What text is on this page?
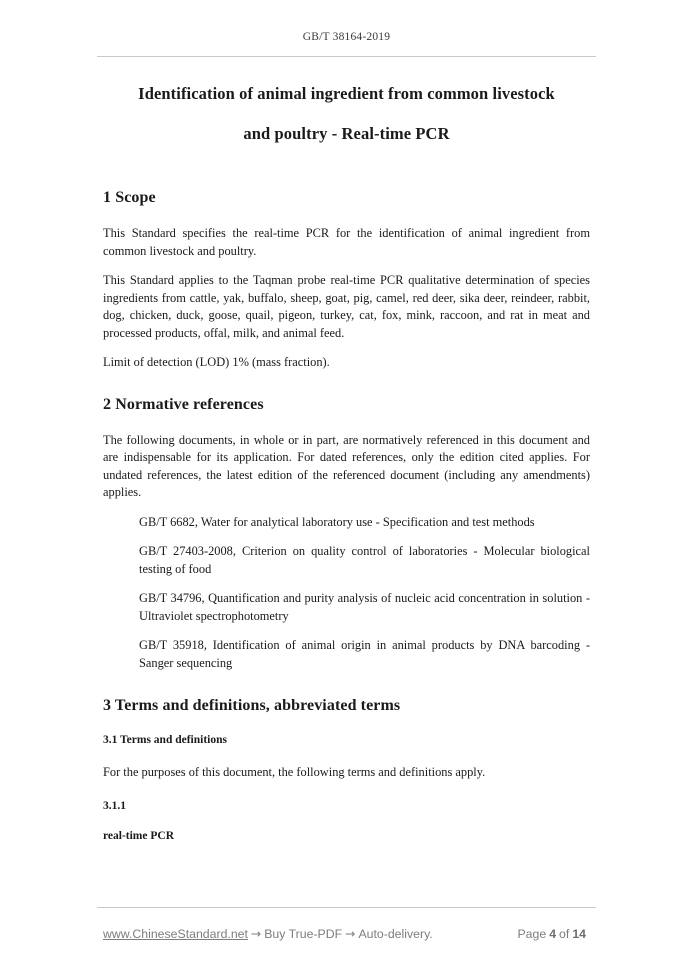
GB/T 38164-2019
Identification of animal ingredient from common livestock
and poultry - Real-time PCR
1 Scope

This Standard specifies the real-time PCR for the identification of animal ingredient from common livestock and poultry.

This Standard applies to the Taqman probe real-time PCR qualitative determination of species ingredients from cattle, yak, buffalo, sheep, goat, pig, camel, red deer, sika deer, reindeer, rabbit, dog, chicken, duck, goose, quail, pigeon, turkey, cat, fox, mink, raccoon, and rat in meat and processed products, offal, milk, and animal feed.

Limit of detection (LOD) 1% (mass fraction).

2 Normative references

The following documents, in whole or in part, are normatively referenced in this document and are indispensable for its application. For dated references, only the edition cited applies. For undated references, the latest edition of the referenced document (including any amendments) applies.

GB/T 6682, Water for analytical laboratory use - Specification and test methods

GB/T 27403-2008, Criterion on quality control of laboratories - Molecular biological testing of food

GB/T 34796, Quantification and purity analysis of nucleic acid concentration in solution - Ultraviolet spectrophotometry

GB/T 35918, Identification of animal origin in animal products by DNA barcoding - Sanger sequencing

3 Terms and definitions, abbreviated terms
3.1 Terms and definitions

For the purposes of this document, the following terms and definitions apply.

3.1.1
real-time PCR
www.ChineseStandard.net → Buy True-PDF → Auto-delivery.	Page 4 of 14
